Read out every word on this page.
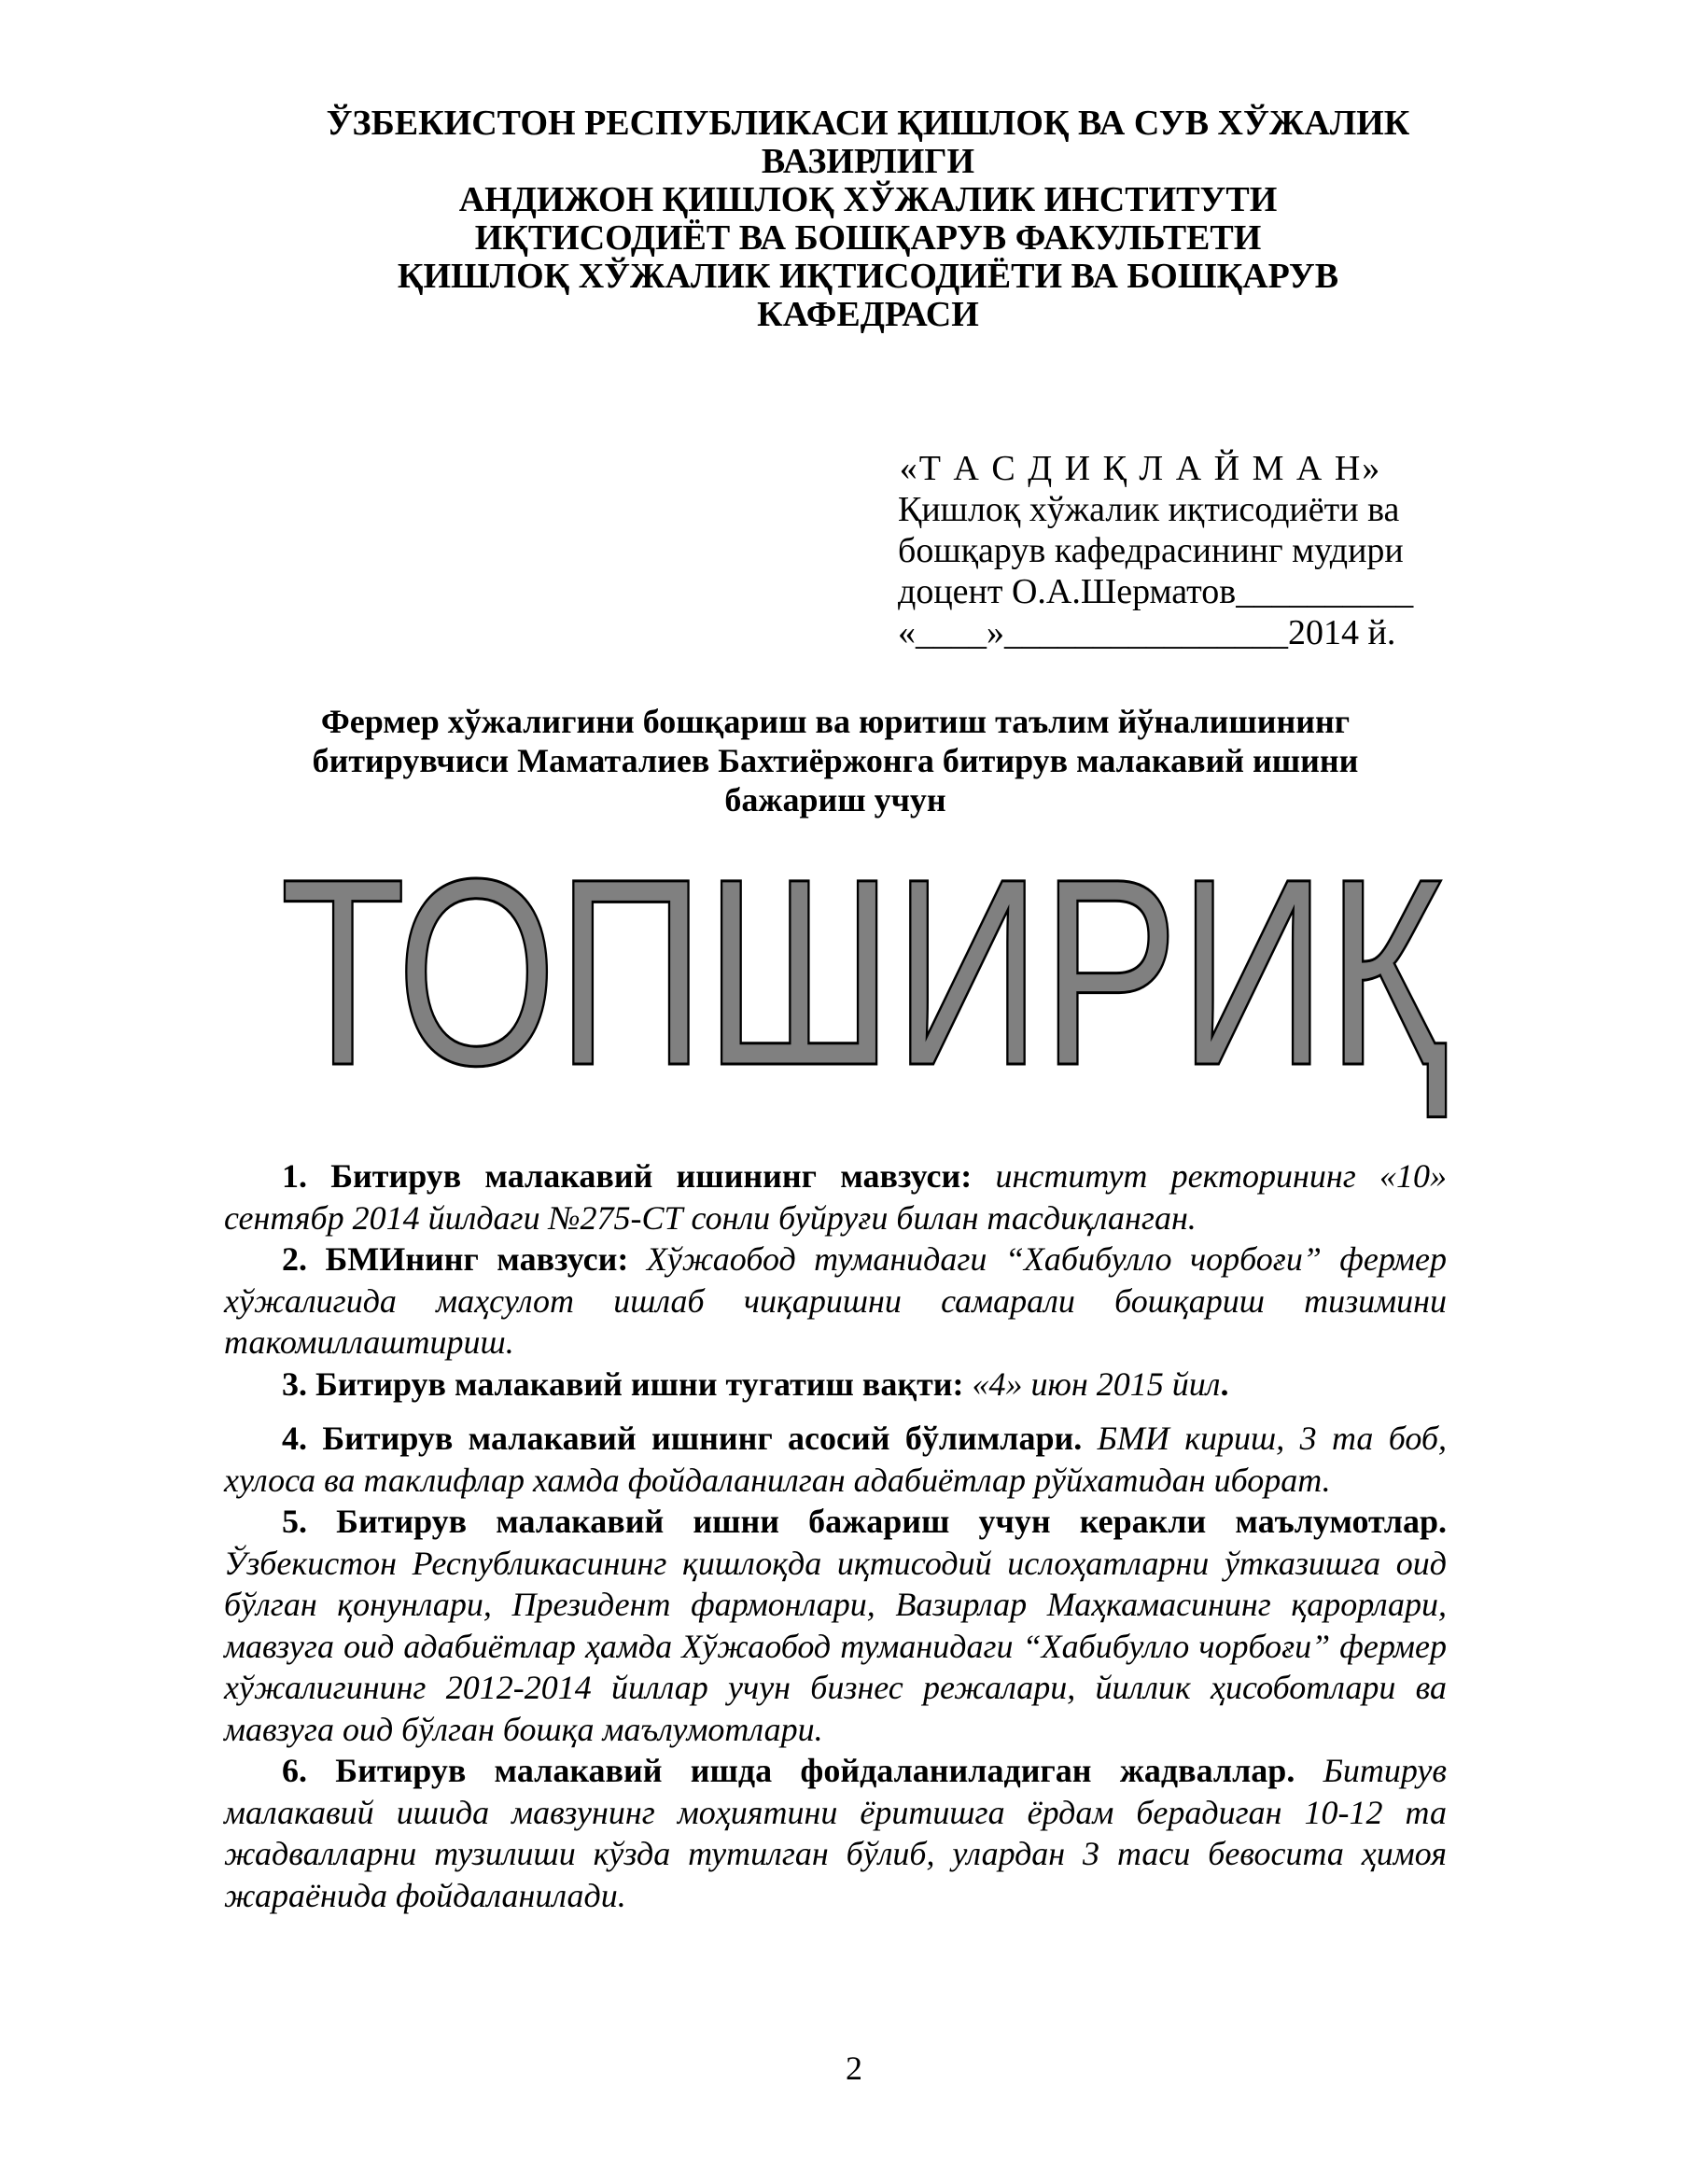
ЎЗБЕКИСТОН РЕСПУБЛИКАСИ ҚИШЛОҚ ВА СУВ ХЎЖАЛИК
ВАЗИРЛИГИ
АНДИЖОН ҚИШЛОҚ ХЎЖАЛИК ИНСТИТУТИ
ИҚТИСОДИЁТ ВА БОШҚАРУВ ФАКУЛЬТЕТИ
ҚИШЛОҚ ХЎЖАЛИК ИҚТИСОДИЁТИ ВА БОШҚАРУВ
КАФЕДРАСИ
«Т А С Д И Қ Л А Й М А Н»
Қишлоқ хўжалик иқтисодиёти ва
бошқарув кафедрасининг мудири
доцент О.А.Шерматов__________
«____»________________2014 й.
Фермер хўжалигини бошқариш ва юритиш таълим йўналишининг
битирувчиси Маматалиев Бахтиёржонга битирув малакавий ишини
бажариш учун
ТОПШИРИҚ

1. Битирув малакавий ишининг мавзуси: институт ректорининг «10» сентябр 2014 йилдаги №275-СТ сонли буйруғи билан тасдиқланган.

2. БМИнинг мавзуси: Хўжаобод туманидаги “Хабибулло чорбоғи” фермер хўжалигида маҳсулот ишлаб чиқаришни самарали бошқариш тизимини такомиллаштириш.

3. Битирув малакавий ишни тугатиш вақти: «4» июн 2015 йил.

4. Битирув малакавий ишнинг асосий бўлимлари. БМИ кириш, 3 та боб, хулоса ва таклифлар хамда фойдаланилган адабиётлар рўйхатидан иборат.

5. Битирув малакавий ишни бажариш учун керакли маълумотлар. Ўзбекистон Республикасининг қишлоқда иқтисодий ислоҳатларни ўтказишга оид бўлган қонунлари, Президент фармонлари, Вазирлар Маҳкамасининг қарорлари, мавзуга оид адабиётлар ҳамда Хўжаобод туманидаги “Хабибулло чорбоғи” фермер хўжалигининг 2012-2014 йиллар учун бизнес режалари, йиллик ҳисоботлари ва мавзуга оид бўлган бошқа маълумотлари.

6. Битирув малакавий ишда фойдаланиладиган жадваллар. Битирув малакавий ишида мавзунинг моҳиятини ёритишга ёрдам берадиган 10-12 та жадвалларни тузилиши кўзда тутилган бўлиб, улардан 3 таси бевосита ҳимоя жараёнида фойдаланилади.

2
